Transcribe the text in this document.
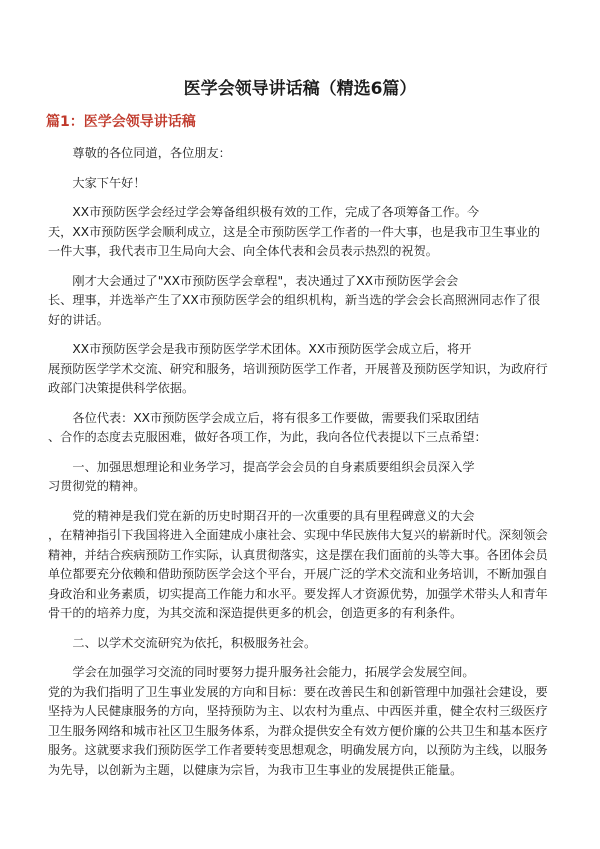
医学会领导讲话稿（精选6篇）
篇1：医学会领导讲话稿

尊敬的各位同道，各位朋友：

大家下午好！

XX市预防医学会经过学会筹备组织极有效的工作，完成了各项筹备工作。今
天，XX市预防医学会顺利成立，这是全市预防医学工作者的一件大事，也是我市卫生事业的一件大事，我代表市卫生局向大会、向全体代表和会员表示热烈的祝贺。

刚才大会通过了"XX市预防医学会章程"，表决通过了XX市预防医学会会
长、理事，并选举产生了XX市预防医学会的组织机构，新当选的学会会长高照洲同志作了很好的讲话。

XX市预防医学会是我市预防医学学术团体。XX市预防医学会成立后，将开
展预防医学学术交流、研究和服务，培训预防医学工作者，开展普及预防医学知识，为政府行政部门决策提供科学依据。

各位代表：XX市预防医学会成立后，将有很多工作要做，需要我们采取团结
、合作的态度去克服困难，做好各项工作，为此，我向各位代表提以下三点希望：

一、加强思想理论和业务学习，提高学会会员的自身素质要组织会员深入学
习贯彻党的精神。

党的精神是我们党在新的历史时期召开的一次重要的具有里程碑意义的大会
，在精神指引下我国将进入全面建成小康社会、实现中华民族伟大复兴的崭新时代。深刻领会精神，并结合疾病预防工作实际，认真贯彻落实，这是摆在我们面前的头等大事。各团体会员单位都要充分依赖和借助预防医学会这个平台，开展广泛的学术交流和业务培训，不断加强自身政治和业务素质，切实提高工作能力和水平。要发挥人才资源优势，加强学术带头人和青年骨干的的培养力度，为其交流和深造提供更多的机会，创造更多的有利条件。

二、以学术交流研究为依托，积极服务社会。

学会在加强学习交流的同时要努力提升服务社会能力，拓展学会发展空间。
党的为我们指明了卫生事业发展的方向和目标：要在改善民生和创新管理中加强社会建设，要坚持为人民健康服务的方向，坚持预防为主、以农村为重点、中西医并重，健全农村三级医疗卫生服务网络和城市社区卫生服务体系，为群众提供安全有效方便价廉的公共卫生和基本医疗服务。这就要求我们预防医学工作者要转变思想观念，明确发展方向，以预防为主线，以服务为先导，以创新为主题，以健康为宗旨，为我市卫生事业的发展提供正能量。
